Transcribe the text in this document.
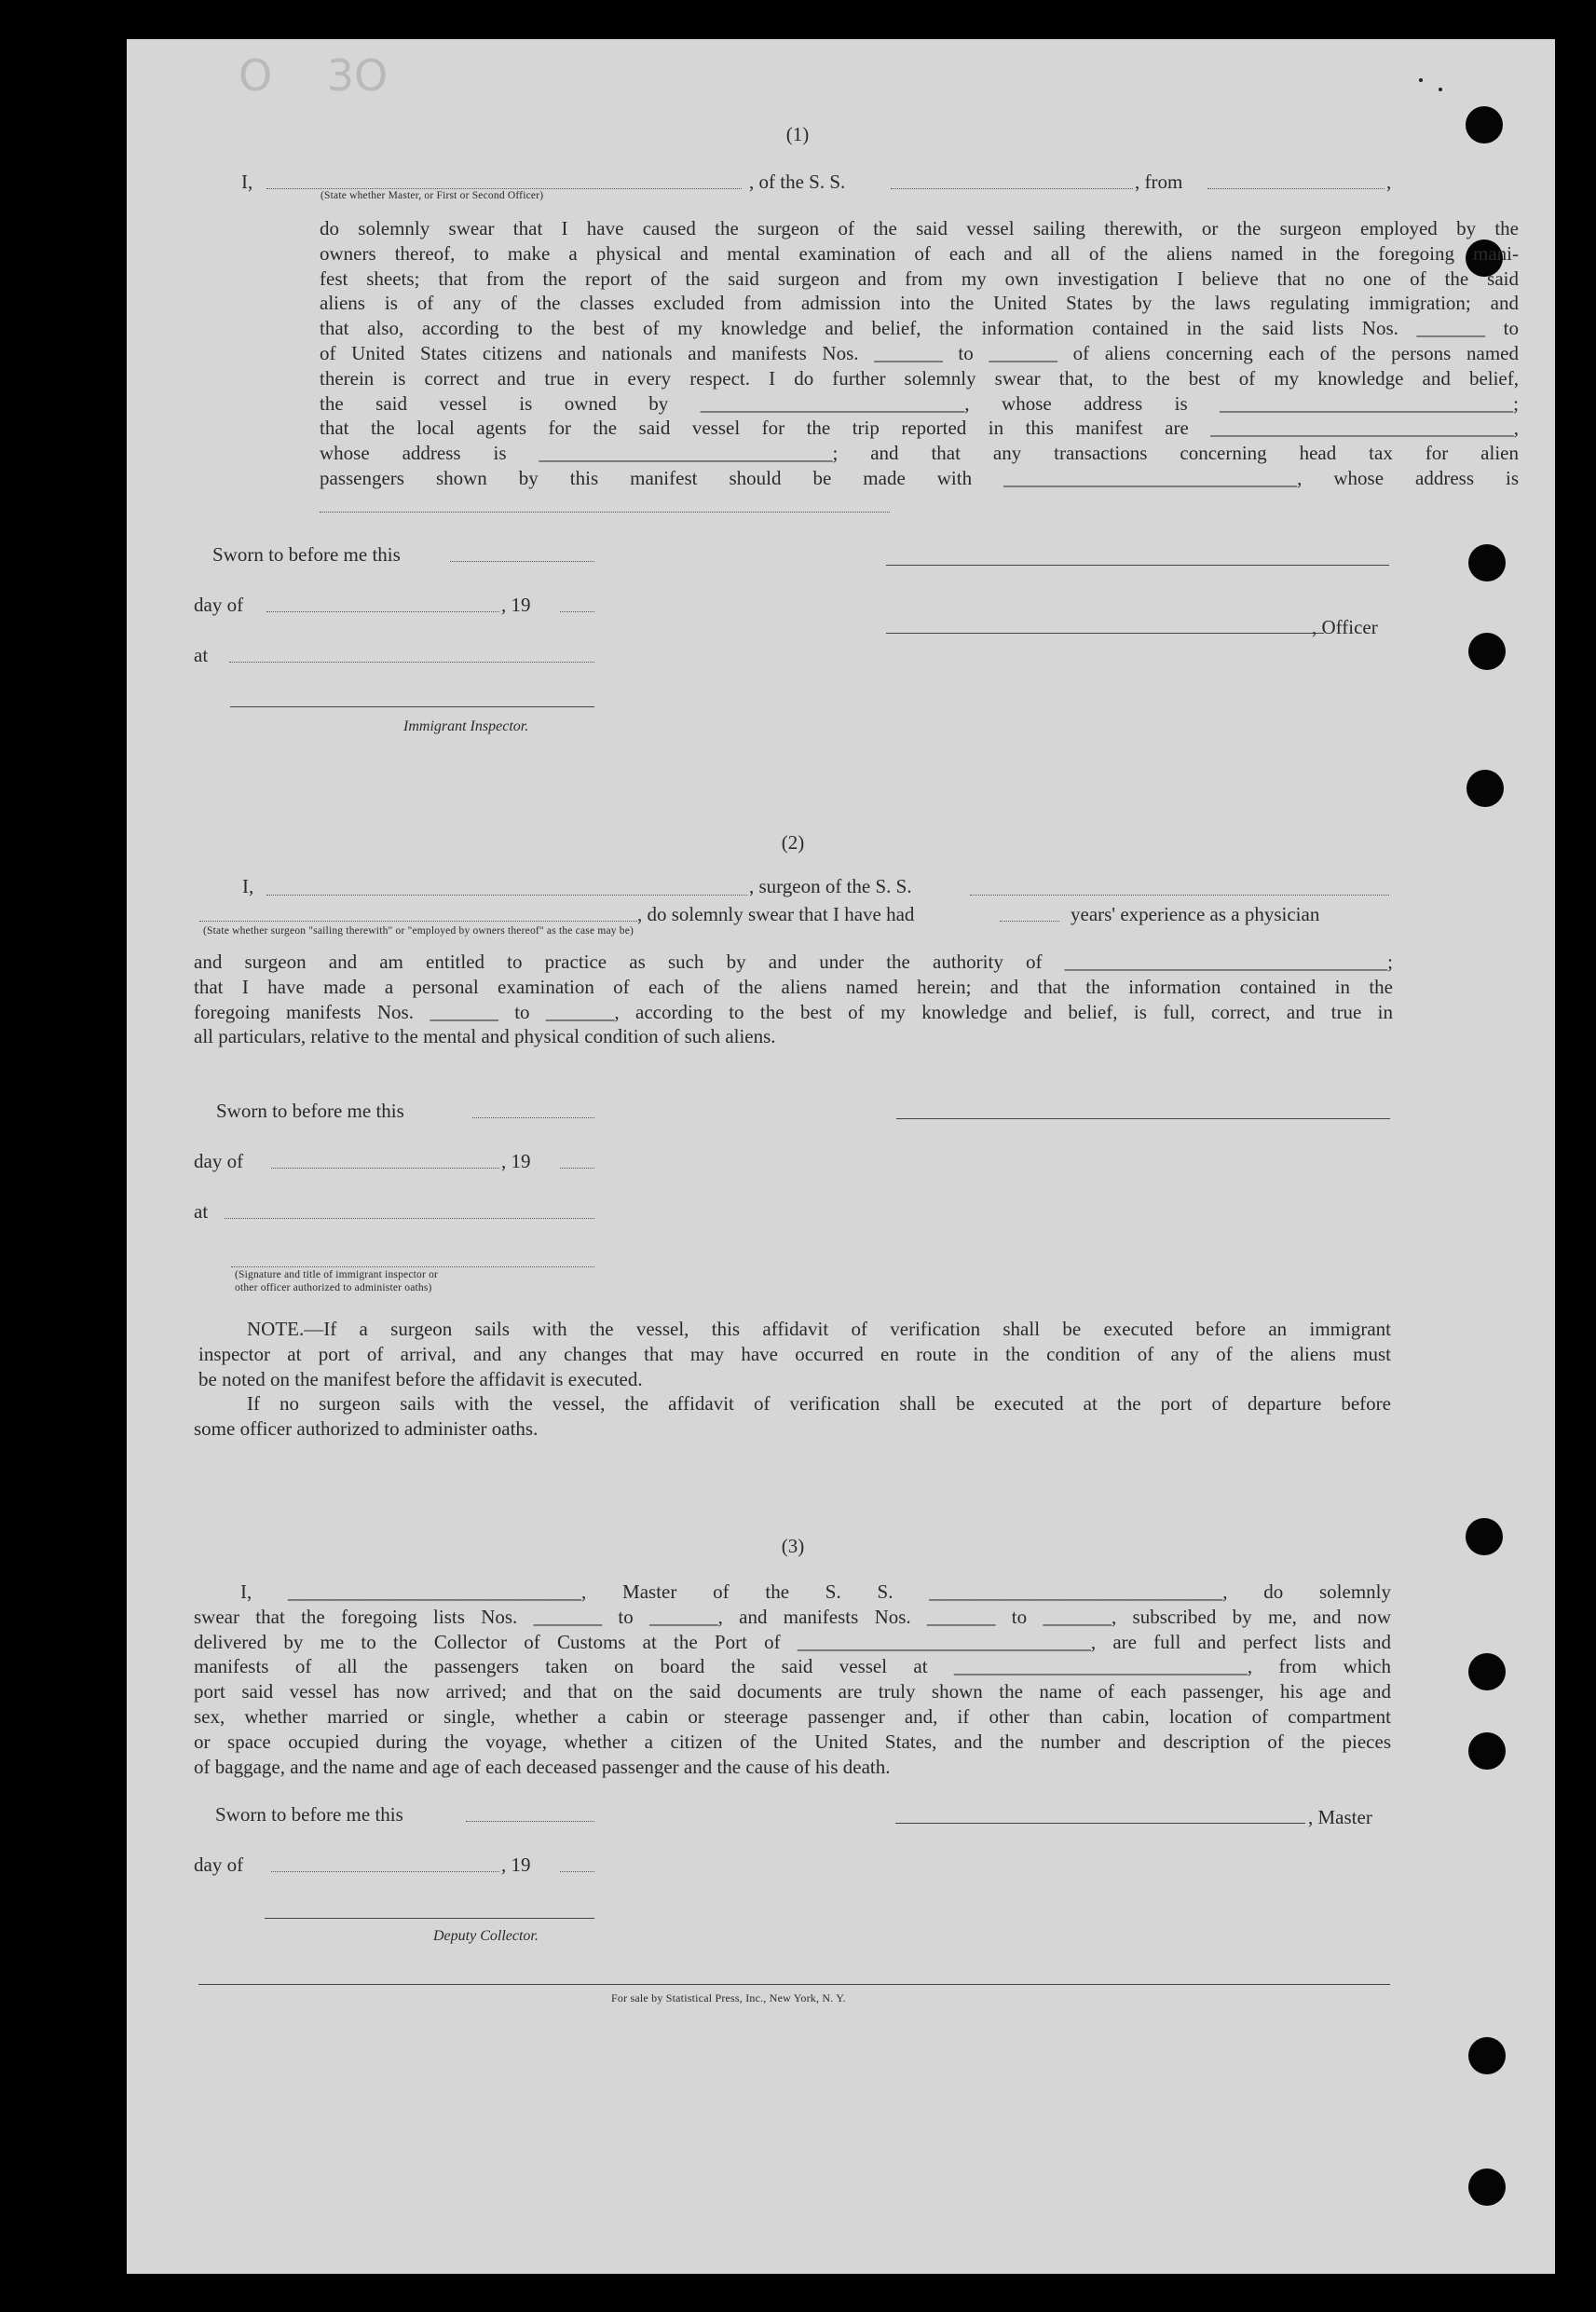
O    3O
(1)
I,	, of the S. S.	, from	,
(State whether Master, or First or Second Officer)
do solemnly swear that I have caused the surgeon of the said vessel sailing therewith, or the surgeon employed by the
owners thereof, to make a physical and mental examination of each and all of the aliens named in the foregoing mani-
fest sheets; that from the report of the said surgeon and from my own investigation I believe that no one of the said
aliens is of any of the classes excluded from admission into the United States by the laws regulating immigration; and
that also, according to the best of my knowledge and belief, the information contained in the said lists Nos. _______ to
of United States citizens and nationals and manifests Nos. _______ to _______ of aliens concerning each of the persons named
therein is correct and true in every respect. I do further solemnly swear that, to the best of my knowledge and belief,
the said vessel is owned by ___________________________, whose address is ______________________________;
that the local agents for the said vessel for the trip reported in this manifest are _______________________________,
whose address is ______________________________; and that any transactions concerning head tax for alien
passengers shown by this manifest should be made with ______________________________, whose address is
Sworn to before me this
day of	, 19
, Officer
at
Immigrant Inspector.
(2)
I,	, surgeon of the S. S.
, do solemnly swear that I have had	years' experience as a physician
(State whether surgeon "sailing therewith" or "employed by owners thereof" as the case may be)
and surgeon and am entitled to practice as such by and under the authority of _________________________________;
that I have made a personal examination of each of the aliens named herein; and that the information contained in the
foregoing manifests Nos. _______ to _______, according to the best of my knowledge and belief, is full, correct, and true in
all particulars, relative to the mental and physical condition of such aliens.
Sworn to before me this
day of	, 19
at
(Signature and title of immigrant inspector or
other officer authorized to administer oaths)
NOTE.—If a surgeon sails with the vessel, this affidavit of verification shall be executed before an immigrant
inspector at port of arrival, and any changes that may have occurred en route in the condition of any of the aliens must
be noted on the manifest before the affidavit is executed.
If no surgeon sails with the vessel, the affidavit of verification shall be executed at the port of departure before
some officer authorized to administer oaths.
(3)
I, ______________________________, Master of the S. S. ______________________________, do solemnly
swear that the foregoing lists Nos. _______ to _______, and manifests Nos. _______ to _______, subscribed by me, and now
delivered by me to the Collector of Customs at the Port of ______________________________, are full and perfect lists and
manifests of all the passengers taken on board the said vessel at ______________________________, from which
port said vessel has now arrived; and that on the said documents are truly shown the name of each passenger, his age and
sex, whether married or single, whether a cabin or steerage passenger and, if other than cabin, location of compartment
or space occupied during the voyage, whether a citizen of the United States, and the number and description of the pieces
of baggage, and the name and age of each deceased passenger and the cause of his death.
Sworn to before me this	, Master
day of	, 19
Deputy Collector.
For sale by Statistical Press, Inc., New York, N. Y.
